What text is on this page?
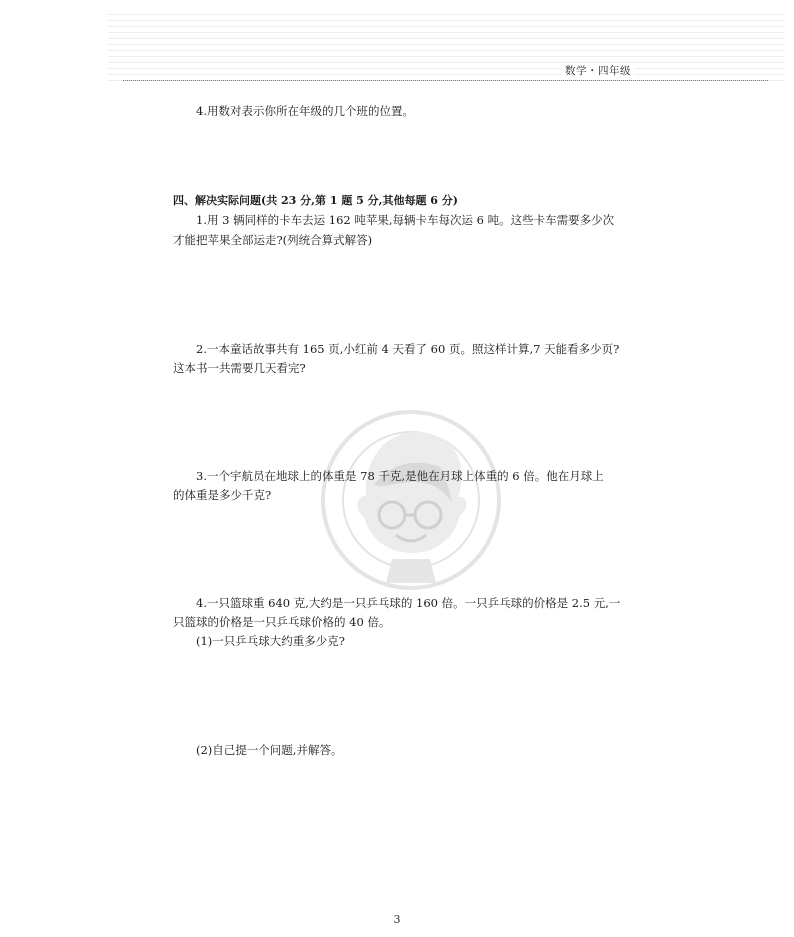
数学・四年级
4.用数对表示你所在年级的几个班的位置。
四、解决实际问题(共 23 分,第 1 题 5 分,其他每题 6 分)
1.用 3 辆同样的卡车去运 162 吨苹果,每辆卡车每次运 6 吨。这些卡车需要多少次
才能把苹果全部运走?(列统合算式解答)
2.一本童话故事共有 165 页,小红前 4 天看了 60 页。照这样计算,7 天能看多少页?
这本书一共需要几天看完?
3.一个宇航员在地球上的体重是 78 千克,是他在月球上体重的 6 倍。他在月球上
的体重是多少千克?
4.一只篮球重 640 克,大约是一只乒乓球的 160 倍。一只乒乓球的价格是 2.5 元,一
只篮球的价格是一只乒乓球价格的 40 倍。
(1)一只乒乓球大约重多少克?
(2)自己提一个问题,并解答。
3
